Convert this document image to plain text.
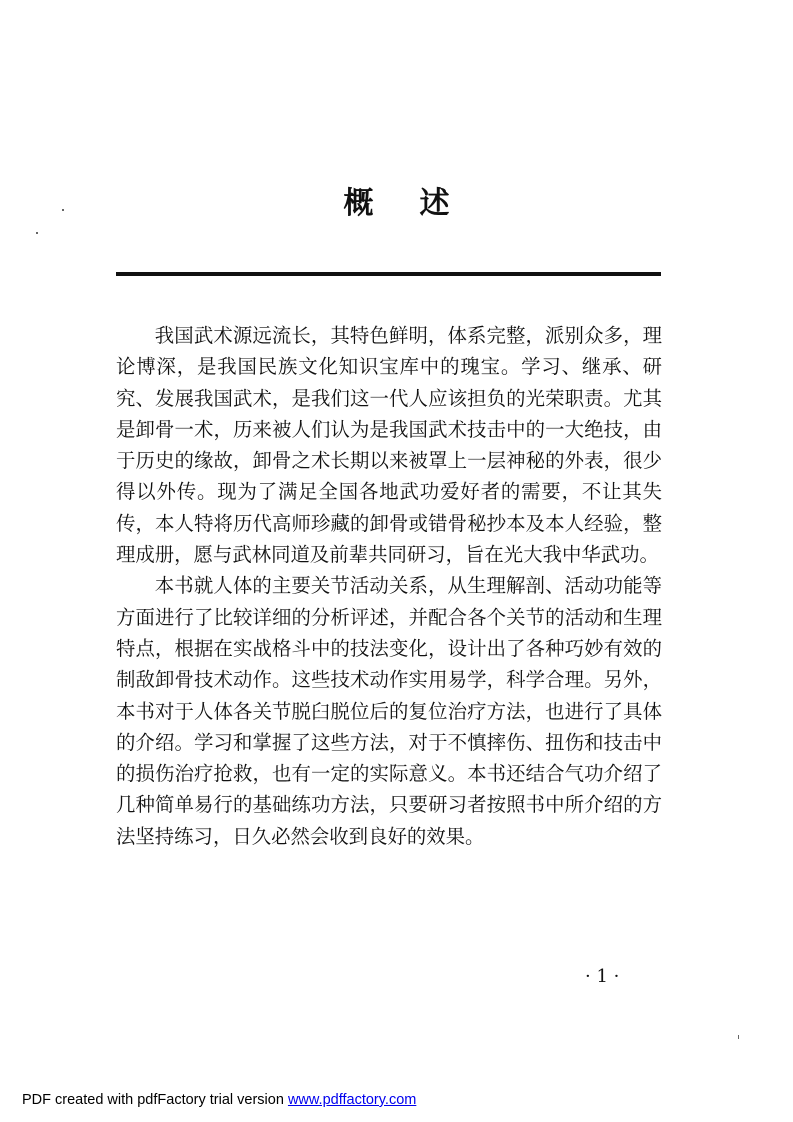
概 述

我国武术源远流长，其特色鲜明，体系完整，派别众多，理论博深，是我国民族文化知识宝库中的瑰宝。学习、继承、研究、发展我国武术，是我们这一代人应该担负的光荣职责。尤其是卸骨一术，历来被人们认为是我国武术技击中的一大绝技，由于历史的缘故，卸骨之术长期以来被罩上一层神秘的外表，很少得以外传。现为了满足全国各地武功爱好者的需要，不让其失传，本人特将历代高师珍藏的卸骨或错骨秘抄本及本人经验，整理成册，愿与武林同道及前辈共同研习，旨在光大我中华武功。

本书就人体的主要关节活动关系，从生理解剖、活动功能等方面进行了比较详细的分析评述，并配合各个关节的活动和生理特点，根据在实战格斗中的技法变化，设计出了各种巧妙有效的制敌卸骨技术动作。这些技术动作实用易学，科学合理。另外，本书对于人体各关节脱臼脱位后的复位治疗方法，也进行了具体的介绍。学习和掌握了这些方法，对于不慎摔伤、扭伤和技击中的损伤治疗抢救，也有一定的实际意义。本书还结合气功介绍了几种简单易行的基础练功方法，只要研习者按照书中所介绍的方法坚持练习，日久必然会收到良好的效果。

· 1 ·
PDF created with pdfFactory trial version www.pdffactory.com
